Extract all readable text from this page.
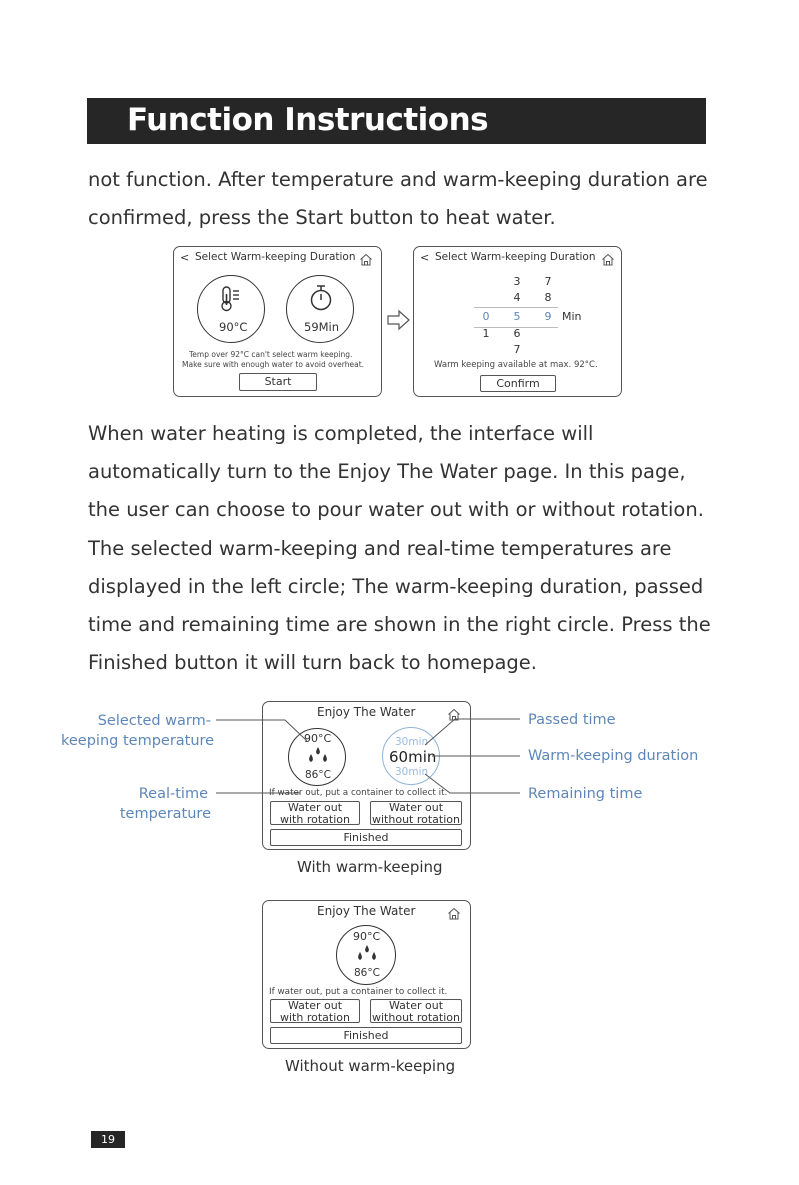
Function Instructions
not function. After temperature and warm-keeping duration are confirmed, press the Start button to heat water.
< Select Warm-keeping Duration
90°C	59Min
Temp over 92°C can't select warm keeping.
Make sure with enough water to avoid overheat.
Start
< Select Warm-keeping Duration
0
1
3
4
5
6
7
7
8
9 Min
Warm keeping available at max. 92°C.
Confirm
When water heating is completed, the interface will automatically turn to the Enjoy The Water page. In this page, the user can choose to pour water out with or without rotation. The selected warm-keeping and real-time temperatures are displayed in the left circle; The warm-keeping duration, passed time and remaining time are shown in the right circle. Press the Finished button it will turn back to homepage.
Enjoy The Water
90°C
86°C
30min
60min
30min
If water out, put a container to collect it.
Water out
with rotation
Water out
without rotation
Finished
Selected warm-
keeping temperature
Real-time
temperature
Passed time
Warm-keeping duration
Remaining time
With warm-keeping
Enjoy The Water
90°C
86°C
If water out, put a container to collect it.
Water out
with rotation
Water out
without rotation
Finished
Without warm-keeping
19
